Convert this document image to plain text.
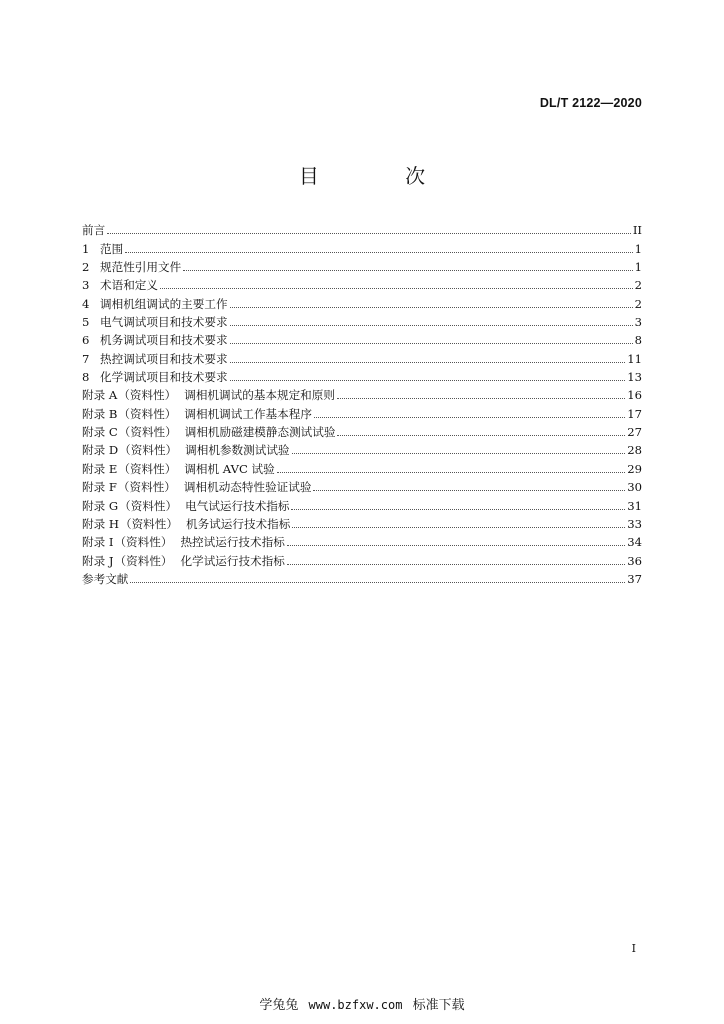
DL/T 2122—2020
目 次
前言	II
1 范围	1
2 规范性引用文件	1
3 术语和定义	2
4 调相机组调试的主要工作	2
5 电气调试项目和技术要求	3
6 机务调试项目和技术要求	8
7 热控调试项目和技术要求	11
8 化学调试项目和技术要求	13
附录 A （资料性） 调相机调试的基本规定和原则	16
附录 B （资料性） 调相机调试工作基本程序	17
附录 C （资料性） 调相机励磁建模静态测试试验	27
附录 D （资料性） 调相机参数测试试验	28
附录 E （资料性） 调相机 AVC 试验	29
附录 F （资料性） 调相机动态特性验证试验	30
附录 G （资料性） 电气试运行技术指标	31
附录 H （资料性） 机务试运行技术指标	33
附录 I （资料性） 热控试运行技术指标	34
附录 J （资料性） 化学试运行技术指标	36
参考文献	37
I
学兔兔 www.bzfxw.com 标准下载
